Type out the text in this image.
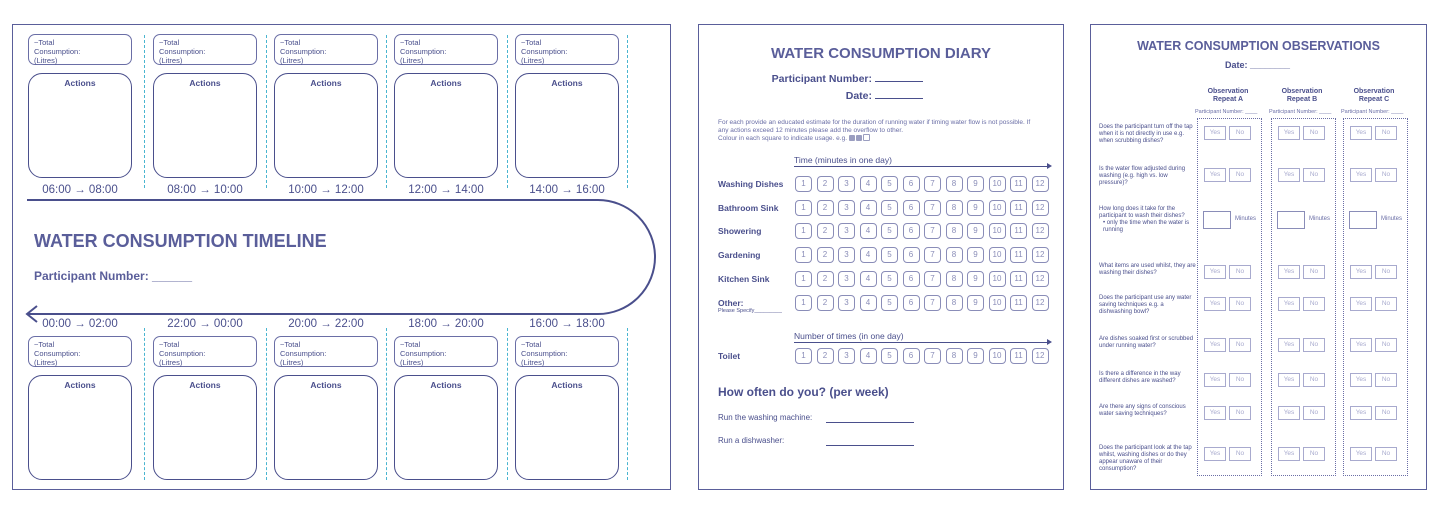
~Total
Consumption:
(Litres)
Actions
06:00 → 08:00
00:00 → 02:00
~Total
Consumption:
(Litres)
Actions
~Total
Consumption:
(Litres)
Actions
08:00 → 10:00
22:00 → 00:00
~Total
Consumption:
(Litres)
Actions
~Total
Consumption:
(Litres)
Actions
10:00 → 12:00
20:00 → 22:00
~Total
Consumption:
(Litres)
Actions
~Total
Consumption:
(Litres)
Actions
12:00 → 14:00
18:00 → 20:00
~Total
Consumption:
(Litres)
Actions
~Total
Consumption:
(Litres)
Actions
14:00 → 16:00
16:00 → 18:00
~Total
Consumption:
(Litres)
Actions
WATER CONSUMPTION TIMELINE
Participant Number: ______
WATER CONSUMPTION DIARY
Participant Number:
Date:
For each provide an educated estimate for the duration of running water if timing water flow is not possible. If
any actions exceed 12 minutes please add the overflow to other.
Colour in each square to indicate usage. e.g.
Time (minutes in one day)
Washing Dishes	1	2	3	4	5	6	7	8	9	10	11	12
Bathroom Sink	1	2	3	4	5	6	7	8	9	10	11	12
Showering	1	2	3	4	5	6	7	8	9	10	11	12
Gardening	1	2	3	4	5	6	7	8	9	10	11	12
Kitchen Sink	1	2	3	4	5	6	7	8	9	10	11	12
Other:
Please Specify_________
1	2	3	4	5	6	7	8	9	10	11	12
Toilet	1	2	3	4	5	6	7	8	9	10	11	12
Number of times (in one day)
How often do you? (per week)
Run the washing machine:
Run a dishwasher:
WATER CONSUMPTION OBSERVATIONS
Date: ________
Observation
Repeat A
Participant Number: ____
Observation
Repeat B
Participant Number: ____
Observation
Repeat C
Participant Number: ____
Does the participant turn off the tap when it is not directly in use e.g. when scrubbing dishes?
Yes	No	Yes	No	Yes	No
Is the water flow adjusted during washing (e.g. high vs. low pressure)?
Yes	No	Yes	No	Yes	No
How long does it take for the participant to wash their dishes?
• only the time when the water is running
Minutes	Minutes	Minutes
What items are used whilst, they are washing their dishes?	Yes	No	Yes	No	Yes	No
Does the participant use any water saving techniques e.g. a dishwashing bowl?
Yes	No	Yes	No	Yes	No
Are dishes soaked first or scrubbed under running water?	Yes	No	Yes	No	Yes	No
Is there a difference in the way different dishes are washed?	Yes	No	Yes	No	Yes	No
Are there any signs of conscious water saving techniques?	Yes	No	Yes	No	Yes	No
Does the participant look at the tap whilst, washing dishes or do they appear unaware of their consumption?
Yes	No	Yes	No	Yes	No
